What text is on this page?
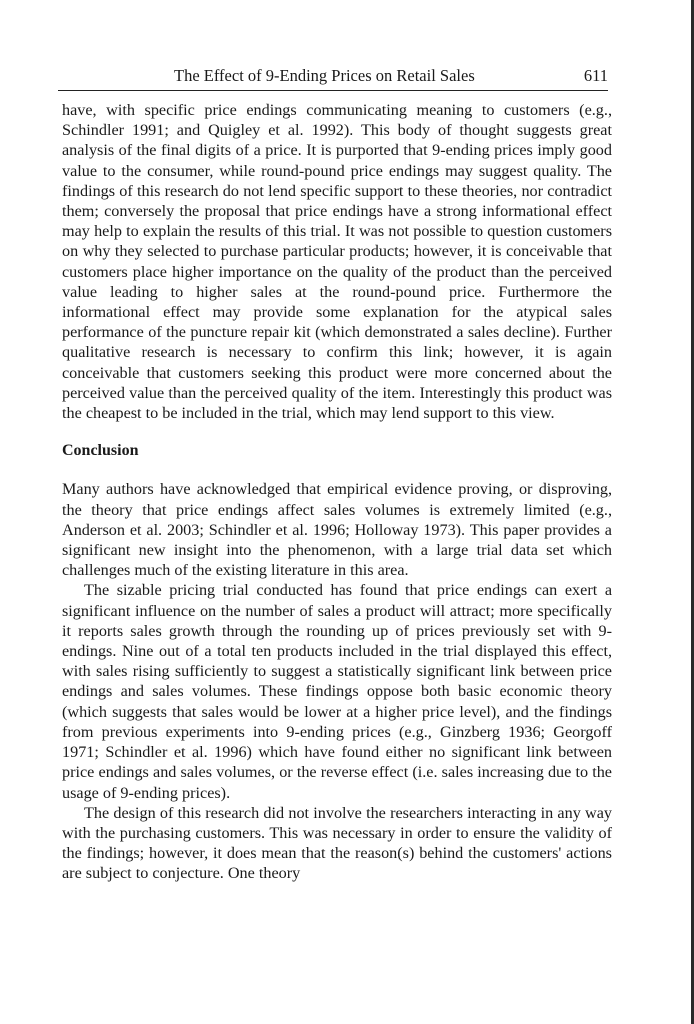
The Effect of 9-Ending Prices on Retail Sales	611

have, with specific price endings communicating meaning to customers (e.g., Schindler 1991; and Quigley et al. 1992). This body of thought suggests great analysis of the final digits of a price. It is purported that 9-ending prices imply good value to the consumer, while round-pound price endings may suggest quality. The findings of this research do not lend specific support to these theories, nor contradict them; conversely the proposal that price endings have a strong informational effect may help to explain the results of this trial. It was not possible to question customers on why they selected to purchase particular products; however, it is conceivable that customers place higher importance on the quality of the product than the perceived value leading to higher sales at the round-pound price. Furthermore the informational effect may provide some explanation for the atypical sales performance of the puncture repair kit (which demonstrated a sales decline). Further qualitative research is necessary to confirm this link; however, it is again conceivable that customers seeking this product were more concerned about the perceived value than the perceived quality of the item. Interestingly this product was the cheapest to be included in the trial, which may lend support to this view.

Conclusion

Many authors have acknowledged that empirical evidence proving, or disproving, the theory that price endings affect sales volumes is extremely limited (e.g., Anderson et al. 2003; Schindler et al. 1996; Holloway 1973). This paper provides a significant new insight into the phenomenon, with a large trial data set which challenges much of the existing literature in this area.

The sizable pricing trial conducted has found that price endings can exert a significant influence on the number of sales a product will attract; more specifically it reports sales growth through the rounding up of prices previously set with 9-endings. Nine out of a total ten products included in the trial displayed this effect, with sales rising sufficiently to suggest a statistically significant link between price endings and sales volumes. These findings oppose both basic economic theory (which suggests that sales would be lower at a higher price level), and the findings from previous experiments into 9-ending prices (e.g., Ginzberg 1936; Georgoff 1971; Schindler et al. 1996) which have found either no significant link between price endings and sales volumes, or the reverse effect (i.e. sales increasing due to the usage of 9-ending prices).

The design of this research did not involve the researchers interacting in any way with the purchasing customers. This was necessary in order to ensure the validity of the findings; however, it does mean that the reason(s) behind the customers' actions are subject to conjecture. One theory
